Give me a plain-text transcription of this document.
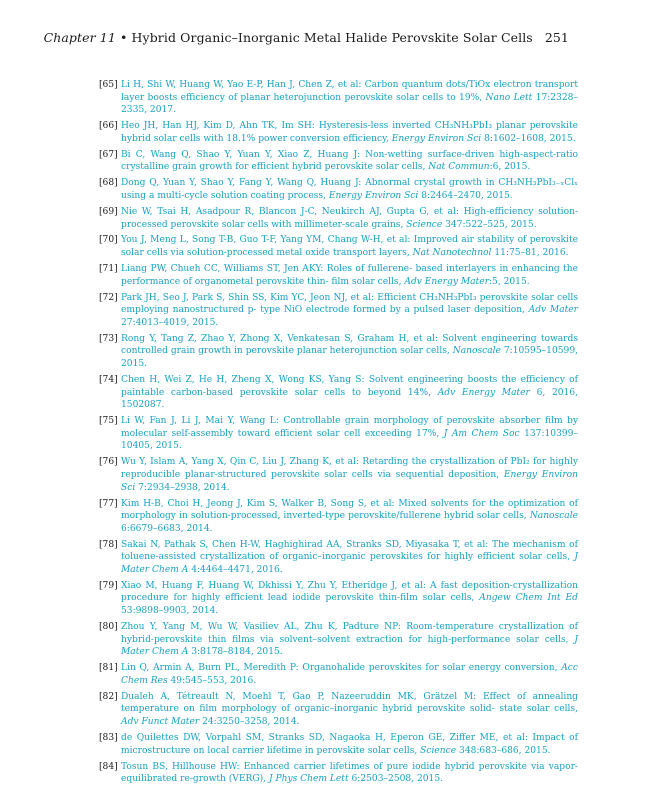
Chapter 11 • Hybrid Organic–Inorganic Metal Halide Perovskite Solar Cells 251
[65] Li H, Shi W, Huang W, Yao E-P, Han J, Chen Z, et al: Carbon quantum dots/TiOx electron transport layer boosts efficiency of planar heterojunction perovskite solar cells to 19%, Nano Lett 17:2328–2335, 2017.
[66] Heo JH, Han HJ, Kim D, Ahn TK, Im SH: Hysteresis-less inverted CH₃NH₃PbI₃ planar perovskite hybrid solar cells with 18.1% power conversion efficiency, Energy Environ Sci 8:1602–1608, 2015.
[67] Bi C, Wang Q, Shao Y, Yuan Y, Xiao Z, Huang J: Non-wetting surface-driven high-aspect-ratio crystalline grain growth for efficient hybrid perovskite solar cells, Nat Commun:6, 2015.
[68] Dong Q, Yuan Y, Shao Y, Fang Y, Wang Q, Huang J: Abnormal crystal growth in CH₃NH₃PbI₃₋ₓClₓ using a multi-cycle solution coating process, Energy Environ Sci 8:2464–2470, 2015.
[69] Nie W, Tsai H, Asadpour R, Blancon J-C, Neukirch AJ, Gupta G, et al: High-efficiency solution-processed perovskite solar cells with millimeter-scale grains, Science 347:522–525, 2015.
[70] You J, Meng L, Song T-B, Guo T-F, Yang YM, Chang W-H, et al: Improved air stability of perovskite solar cells via solution-processed metal oxide transport layers, Nat Nanotechnol 11:75–81, 2016.
[71] Liang PW, Chueh CC, Williams ST, Jen AKY: Roles of fullerene- based interlayers in enhancing the performance of organometal perovskite thin- film solar cells, Adv Energy Mater:5, 2015.
[72] Park JH, Seo J, Park S, Shin SS, Kim YC, Jeon NJ, et al: Efficient CH₃NH₃PbI₃ perovskite solar cells employing nanostructured p- type NiO electrode formed by a pulsed laser deposition, Adv Mater 27:4013–4019, 2015.
[73] Rong Y, Tang Z, Zhao Y, Zhong X, Venkatesan S, Graham H, et al: Solvent engineering towards controlled grain growth in perovskite planar heterojunction solar cells, Nanoscale 7:10595–10599, 2015.
[74] Chen H, Wei Z, He H, Zheng X, Wong KS, Yang S: Solvent engineering boosts the efficiency of paintable carbon-based perovskite solar cells to beyond 14%, Adv Energy Mater 6, 2016, 1502087.
[75] Li W, Fan J, Li J, Mai Y, Wang L: Controllable grain morphology of perovskite absorber film by molecular self-assembly toward efficient solar cell exceeding 17%, J Am Chem Soc 137:10399–10405, 2015.
[76] Wu Y, Islam A, Yang X, Qin C, Liu J, Zhang K, et al: Retarding the crystallization of PbI₂ for highly reproducible planar-structured perovskite solar cells via sequential deposition, Energy Environ Sci 7:2934–2938, 2014.
[77] Kim H-B, Choi H, Jeong J, Kim S, Walker B, Song S, et al: Mixed solvents for the optimization of morphology in solution-processed, inverted-type perovskite/fullerene hybrid solar cells, Nanoscale 6:6679–6683, 2014.
[78] Sakai N, Pathak S, Chen H-W, Haghighirad AA, Stranks SD, Miyasaka T, et al: The mechanism of toluene-assisted crystallization of organic–inorganic perovskites for highly efficient solar cells, J Mater Chem A 4:4464–4471, 2016.
[79] Xiao M, Huang F, Huang W, Dkhissi Y, Zhu Y, Etheridge J, et al: A fast deposition-crystallization procedure for highly efficient lead iodide perovskite thin-film solar cells, Angew Chem Int Ed 53:9898–9903, 2014.
[80] Zhou Y, Yang M, Wu W, Vasiliev AL, Zhu K, Padture NP: Room-temperature crystallization of hybrid-perovskite thin films via solvent–solvent extraction for high-performance solar cells, J Mater Chem A 3:8178–8184, 2015.
[81] Lin Q, Armin A, Burn PL, Meredith P: Organohalide perovskites for solar energy conversion, Acc Chem Res 49:545–553, 2016.
[82] Dualeh A, Tétreault N, Moehl T, Gao P, Nazeeruddin MK, Grätzel M: Effect of annealing temperature on film morphology of organic–inorganic hybrid perovskite solid- state solar cells, Adv Funct Mater 24:3250–3258, 2014.
[83] de Quilettes DW, Vorpahl SM, Stranks SD, Nagaoka H, Eperon GE, Ziffer ME, et al: Impact of microstructure on local carrier lifetime in perovskite solar cells, Science 348:683–686, 2015.
[84] Tosun BS, Hillhouse HW: Enhanced carrier lifetimes of pure iodide hybrid perovskite via vapor-equilibrated re-growth (VERG), J Phys Chem Lett 6:2503–2508, 2015.
